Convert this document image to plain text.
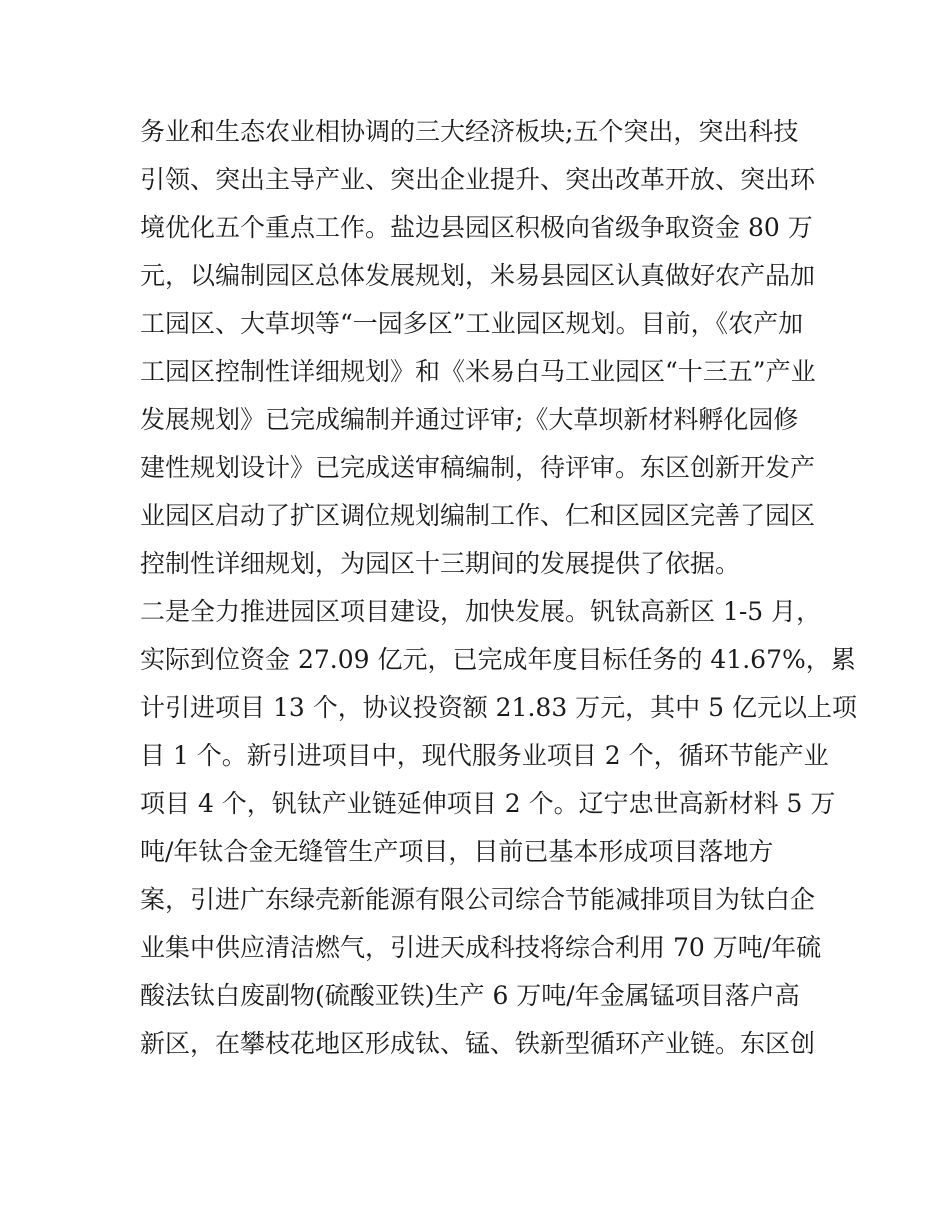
务业和生态农业相协调的三大经济板块;五个突出，突出科技
引领、突出主导产业、突出企业提升、突出改革开放、突出环
境优化五个重点工作。盐边县园区积极向省级争取资金 80 万
元，以编制园区总体发展规划，米易县园区认真做好农产品加
工园区、大草坝等“一园多区”工业园区规划。目前，《农产加
工园区控制性详细规划》和《米易白马工业园区“十三五”产业
发展规划》已完成编制并通过评审;《大草坝新材料孵化园修
建性规划设计》已完成送审稿编制，待评审。东区创新开发产
业园区启动了扩区调位规划编制工作、仁和区园区完善了园区
控制性详细规划，为园区十三期间的发展提供了依据。
二是全力推进园区项目建设，加快发展。钒钛高新区 1-5 月，
实际到位资金 27.09 亿元，已完成年度目标任务的 41.67%，累
计引进项目 13 个，协议投资额 21.83 万元，其中 5 亿元以上项
目 1 个。新引进项目中，现代服务业项目 2 个，循环节能产业
项目 4 个，钒钛产业链延伸项目 2 个。辽宁忠世高新材料 5 万
吨/年钛合金无缝管生产项目，目前已基本形成项目落地方
案，引进广东绿壳新能源有限公司综合节能减排项目为钛白企
业集中供应清洁燃气，引进天成科技将综合利用 70 万吨/年硫
酸法钛白废副物(硫酸亚铁)生产 6 万吨/年金属锰项目落户高
新区，在攀枝花地区形成钛、锰、铁新型循环产业链。东区创
